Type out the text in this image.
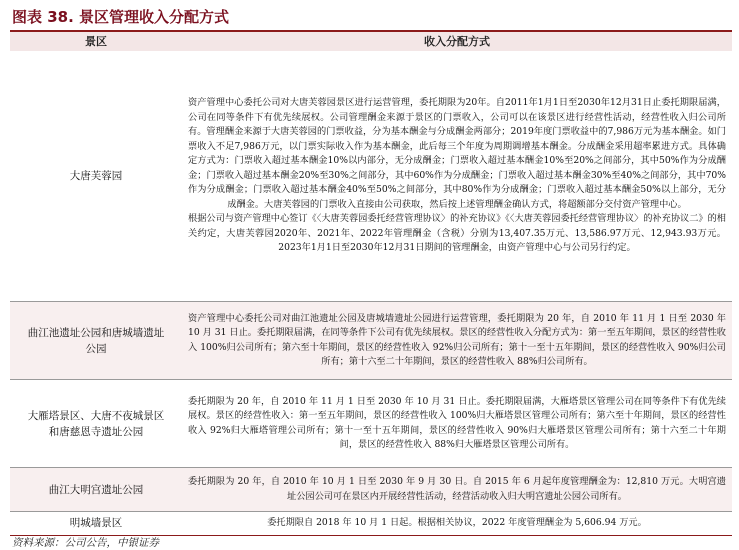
图表 38. 景区管理收入分配方式
景区	收入分配方式
大唐芙蓉园

资产管理中心委托公司对大唐芙蓉园景区进行运营管理，委托期限为20年。自2011年1月1日至2030年12月31日止委托期限届满，公司在同等条件下有优先续展权。公司管理酬金来源于景区的门票收入，公司可以在该景区进行经营性活动，经营性收入归公司所有。管理酬金来源于大唐芙蓉园的门票收益，分为基本酬金与分成酬金两部分；2019年度门票收益中的7,986万元为基本酬金。如门票收入不足7,986万元，以门票实际收入作为基本酬金，此后每三个年度为周期调增基本酬金。分成酬金采用超率累进方式。具体确定方式为：门票收入超过基本酬金10%以内部分，无分成酬金；门票收入超过基本酬金10%至20%之间部分，其中50%作为分成酬金；门票收入超过基本酬金20%至30%之间部分，其中60%作为分成酬金；门票收入超过基本酬金30%至40%之间部分，其中70%作为分成酬金；门票收入超过基本酬金40%至50%之间部分，其中80%作为分成酬金；门票收入超过基本酬金50%以上部分，无分成酬金。大唐芙蓉园的门票收入直接由公司获取，然后按上述管理酬金确认方式，将超额部分交付资产管理中心。

根据公司与资产管理中心签订《〈大唐芙蓉园委托经营管理协议〉的补充协议》《〈大唐芙蓉园委托经营管理协议〉的补充协议二》的相关约定，大唐芙蓉园2020年、2021年、2022年管理酬金（含税）分别为13,407.35万元、13,586.97万元、12,943.93万元。2023年1月1日至2030年12月31日期间的管理酬金，由资产管理中心与公司另行约定。

曲江池遗址公园和唐城墙遗址公园

资产管理中心委托公司对曲江池遗址公园及唐城墙遗址公园进行运营管理，委托期限为 20 年，自 2010 年 11 月 1 日至 2030 年 10 月 31 日止。委托期限届满，在同等条件下公司有优先续展权。景区的经营性收入分配方式为：第一至五年期间，景区的经营性收入 100%归公司所有；第六至十年期间，景区的经营性收入 92%归公司所有；第十一至十五年期间，景区的经营性收入 90%归公司所有；第十六至二十年期间，景区的经营性收入 88%归公司所有。

大雁塔景区、大唐不夜城景区和唐慈恩寺遗址公园

委托期限为 20 年，自 2010 年 11 月 1 日至 2030 年 10 月 31 日止。委托期限届满，大雁塔景区管理公司在同等条件下有优先续展权。景区的经营性收入：第一至五年期间，景区的经营性收入 100%归大雁塔景区管理公司所有；第六至十年期间，景区的经营性收入 92%归大雁塔管理公司所有；第十一至十五年期间，景区的经营性收入 90%归大雁塔景区管理公司所有；第十六至二十年期间，景区的经营性收入 88%归大雁塔景区管理公司所有。

曲江大明宫遗址公园

委托期限为 20 年，自 2010 年 10 月 1 日至 2030 年 9 月 30 日。自 2015 年 6 月起年度管理酬金为：12,810 万元。大明宫遗址公园公司可在景区内开展经营性活动，经营活动收入归大明宫遗址公园公司所有。

明城墙景区	委托期限自 2018 年 10 月 1 日起。根据相关协议，2022 年度管理酬金为 5,606.94 万元。

资料来源：公司公告，中银证券
